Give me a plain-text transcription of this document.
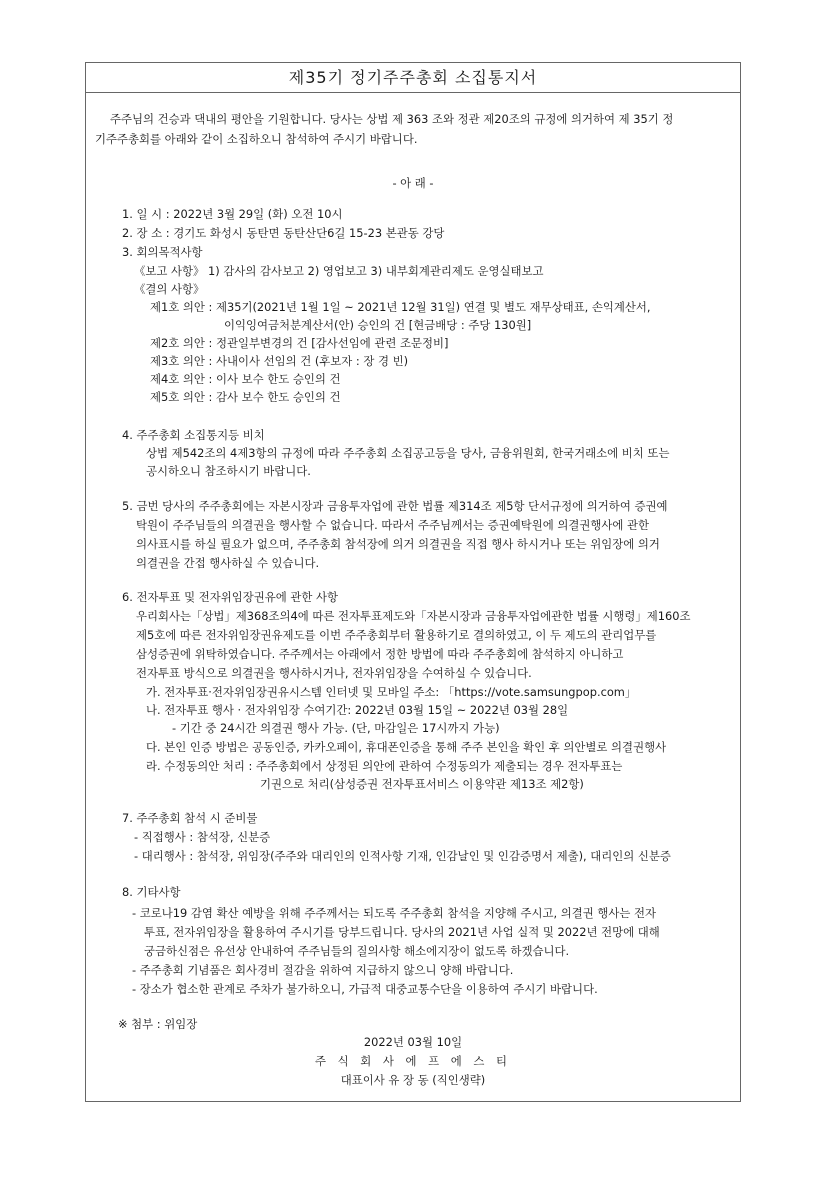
제35기 정기주주총회 소집통지서
주주님의 건승과 댁내의 평안을 기원합니다. 당사는 상법 제 363 조와 정관 제20조의 규정에 의거하여 제 35기 정
기주주총회를 아래와 같이 소집하오니 참석하여 주시기 바랍니다.
- 아 래 -
1. 일 시 : 2022년 3월 29일 (화) 오전 10시
2. 장 소 : 경기도 화성시 동탄면 동탄산단6길 15-23 본관동 강당
3. 회의목적사항
《보고 사항》 1) 감사의 감사보고 2) 영업보고 3) 내부회계관리제도 운영실태보고
《결의 사항》
제1호 의안 : 제35기(2021년 1월 1일 ~ 2021년 12월 31일) 연결 및 별도 재무상태표, 손익계산서,
이익잉여금처분계산서(안) 승인의 건 [현금배당 : 주당 130원]
제2호 의안 : 정관일부변경의 건 [감사선임에 관련 조문정비]
제3호 의안 : 사내이사 선임의 건 (후보자 : 장 경 빈)
제4호 의안 : 이사 보수 한도 승인의 건
제5호 의안 : 감사 보수 한도 승인의 건
4. 주주총회 소집통지등 비치
상법 제542조의 4제3항의 규정에 따라 주주총회 소집공고등을 당사, 금융위원회, 한국거래소에 비치 또는
공시하오니 참조하시기 바랍니다.
5. 금번 당사의 주주총회에는 자본시장과 금융투자업에 관한 법률 제314조 제5항 단서규정에 의거하여 증권예
탁원이 주주님들의 의결권을 행사할 수 없습니다. 따라서 주주님께서는 증권예탁원에 의결권행사에 관한
의사표시를 하실 필요가 없으며, 주주총회 참석장에 의거 의결권을 직접 행사 하시거나 또는 위임장에 의거
의결권을 간접 행사하실 수 있습니다.
6. 전자투표 및 전자위임장권유에 관한 사항
우리회사는「상법」제368조의4에 따른 전자투표제도와「자본시장과 금융투자업에관한 법률 시행령」제160조
제5호에 따른 전자위임장권유제도를 이번 주주총회부터 활용하기로 결의하였고, 이 두 제도의 관리업무를
삼성증권에 위탁하였습니다. 주주께서는 아래에서 정한 방법에 따라 주주총회에 참석하지 아니하고
전자투표 방식으로 의결권을 행사하시거나, 전자위임장을 수여하실 수 있습니다.
가. 전자투표·전자위임장권유시스템 인터넷 및 모바일 주소: 「https://vote.samsungpop.com」
나. 전자투표 행사 · 전자위임장 수여기간: 2022년 03월 15일 ~ 2022년 03월 28일
- 기간 중 24시간 의결권 행사 가능. (단, 마감일은 17시까지 가능)
다. 본인 인증 방법은 공동인증, 카카오페이, 휴대폰인증을 통해 주주 본인을 확인 후 의안별로 의결권행사
라. 수정동의안 처리 : 주주총회에서 상정된 의안에 관하여 수정동의가 제출되는 경우 전자투표는
기권으로 처리(삼성증권 전자투표서비스 이용약관 제13조 제2항)
7. 주주총회 참석 시 준비물
- 직접행사 : 참석장, 신분증
- 대리행사 : 참석장, 위임장(주주와 대리인의 인적사항 기재, 인감날인 및 인감증명서 제출), 대리인의 신분증
8. 기타사항
- 코로나19 감염 확산 예방을 위해 주주께서는 되도록 주주총회 참석을 지양해 주시고, 의결권 행사는 전자
투표, 전자위임장을 활용하여 주시기를 당부드립니다. 당사의 2021년 사업 실적 및 2022년 전망에 대해
궁금하신점은 유선상 안내하여 주주님들의 질의사항 해소에지장이 없도록 하겠습니다.
- 주주총회 기념품은 회사경비 절감을 위하여 지급하지 않으니 양해 바랍니다.
- 장소가 협소한 관계로 주차가 불가하오니, 가급적 대중교통수단을 이용하여 주시기 바랍니다.
※ 첨부 : 위임장
2022년 03월 10일
주 식 회 사 에 프 에 스 티
대표이사 유 장 동 (직인생략)
